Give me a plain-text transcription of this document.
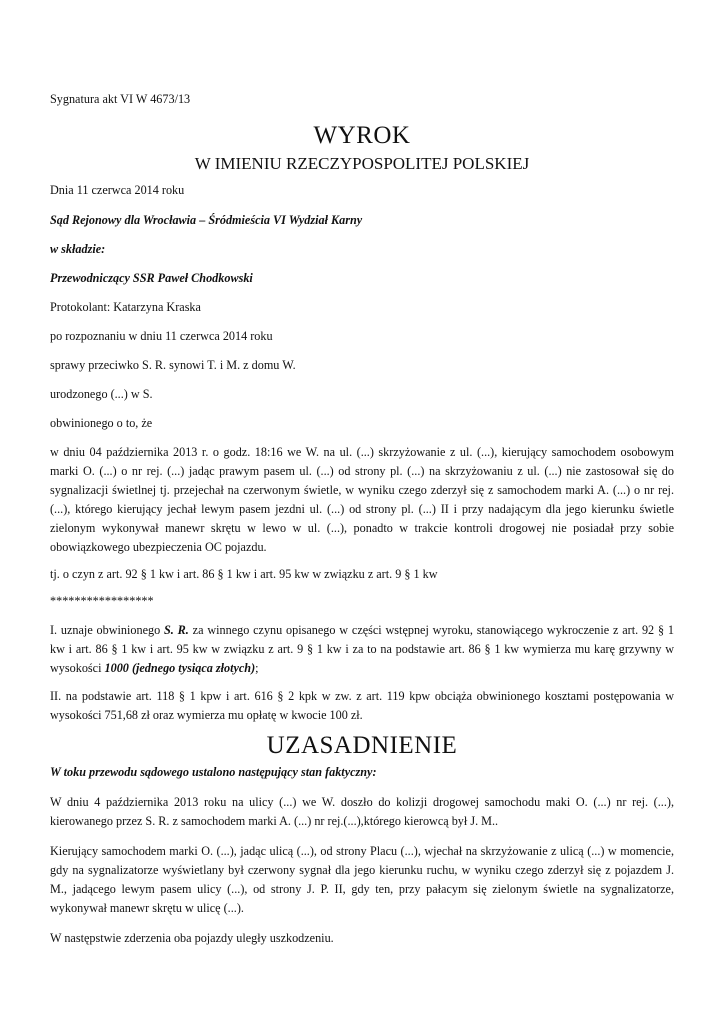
Sygnatura akt VI W 4673/13

WYROK

W IMIENIU RZECZYPOSPOLITEJ POLSKIEJ

Dnia 11 czerwca 2014 roku

Sąd Rejonowy dla Wrocławia – Śródmieścia VI Wydział Karny

w składzie:

Przewodniczący SSR Paweł Chodkowski

Protokolant: Katarzyna Kraska

po rozpoznaniu w dniu 11 czerwca 2014 roku

sprawy przeciwko S. R. synowi T. i M. z domu W.

urodzonego (...) w S.

obwinionego o to, że

w dniu 04 października 2013 r. o godz. 18:16 we W. na ul. (...) skrzyżowanie z ul. (...), kierujący samochodem osobowym marki O. (...) o nr rej. (...) jadąc prawym pasem ul. (...) od strony pl. (...) na skrzyżowaniu z ul. (...) nie zastosował się do sygnalizacji świetlnej tj. przejechał na czerwonym świetle, w wyniku czego zderzył się z samochodem marki A. (...) o nr rej. (...), którego kierujący jechał lewym pasem jezdni ul. (...) od strony pl. (...) II i przy nadającym dla jego kierunku świetle zielonym wykonywał manewr skrętu w lewo w ul. (...), ponadto w trakcie kontroli drogowej nie posiadał przy sobie obowiązkowego ubezpieczenia OC pojazdu.

tj. o czyn z art. 92 § 1 kw i art. 86 § 1 kw i art. 95 kw w związku z art. 9 § 1 kw

*****************

I. uznaje obwinionego S. R. za winnego czynu opisanego w części wstępnej wyroku, stanowiącego wykroczenie z art. 92 § 1 kw i art. 86 § 1 kw i art. 95 kw w związku z art. 9 § 1 kw i za to na podstawie art. 86 § 1 kw wymierza mu karę grzywny w wysokości 1000 (jednego tysiąca złotych);

II. na podstawie art. 118 § 1 kpw i art. 616 § 2 kpk w zw. z art. 119 kpw obciąża obwinionego kosztami postępowania w wysokości 751,68 zł oraz wymierza mu opłatę w kwocie 100 zł.

UZASADNIENIE

W toku przewodu sądowego ustalono następujący stan faktyczny:

W dniu 4 października 2013 roku na ulicy (...) we W. doszło do kolizji drogowej samochodu maki O. (...) nr rej. (...), kierowanego przez S. R. z samochodem marki A. (...) nr rej.(...),którego kierowcą był J. M..

Kierujący samochodem marki O. (...), jadąc ulicą (...), od strony Placu (...), wjechał na skrzyżowanie z ulicą (...) w momencie, gdy na sygnalizatorze wyświetlany był czerwony sygnał dla jego kierunku ruchu, w wyniku czego zderzył się z pojazdem J. M., jadącego lewym pasem ulicy (...), od strony J. P. II, gdy ten, przy pałacym się zielonym świetle na sygnalizatorze, wykonywał manewr skrętu w ulicę (...).

W następstwie zderzenia oba pojazdy uległy uszkodzeniu.
